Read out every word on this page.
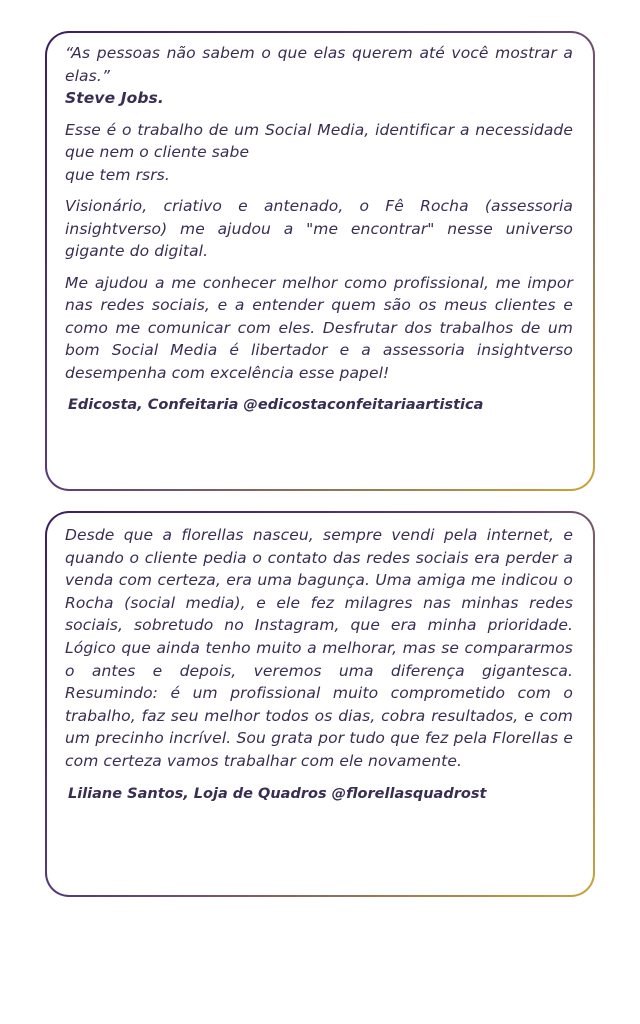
“As pessoas não sabem o que elas querem até você mostrar a elas.”
Steve Jobs.

Esse é o trabalho de um Social Media, identificar a necessidade que nem o cliente sabe
que tem rsrs.

Visionário, criativo e antenado, o Fê Rocha (assessoria insightverso) me ajudou a "me encontrar" nesse universo gigante do digital.

Me ajudou a me conhecer melhor como profissional, me impor nas redes sociais, e a entender quem são os meus clientes e como me comunicar com eles. Desfrutar dos trabalhos de um bom Social Media é libertador e a assessoria insightverso desempenha com excelência esse papel!

Edicosta, Confeitaria @edicostaconfeitariaartistica

Desde que a florellas nasceu, sempre vendi pela internet, e quando o cliente pedia o contato das redes sociais era perder a venda com certeza, era uma bagunça. Uma amiga me indicou o Rocha (social media), e ele fez milagres nas minhas redes sociais, sobretudo no Instagram, que era minha prioridade. Lógico que ainda tenho muito a melhorar, mas se compararmos o antes e depois, veremos uma diferença gigantesca. Resumindo: é um profissional muito comprometido com o trabalho, faz seu melhor todos os dias, cobra resultados, e com um precinho incrível. Sou grata por tudo que fez pela Florellas e com certeza vamos trabalhar com ele novamente.

Liliane Santos, Loja de Quadros @florellasquadrost
